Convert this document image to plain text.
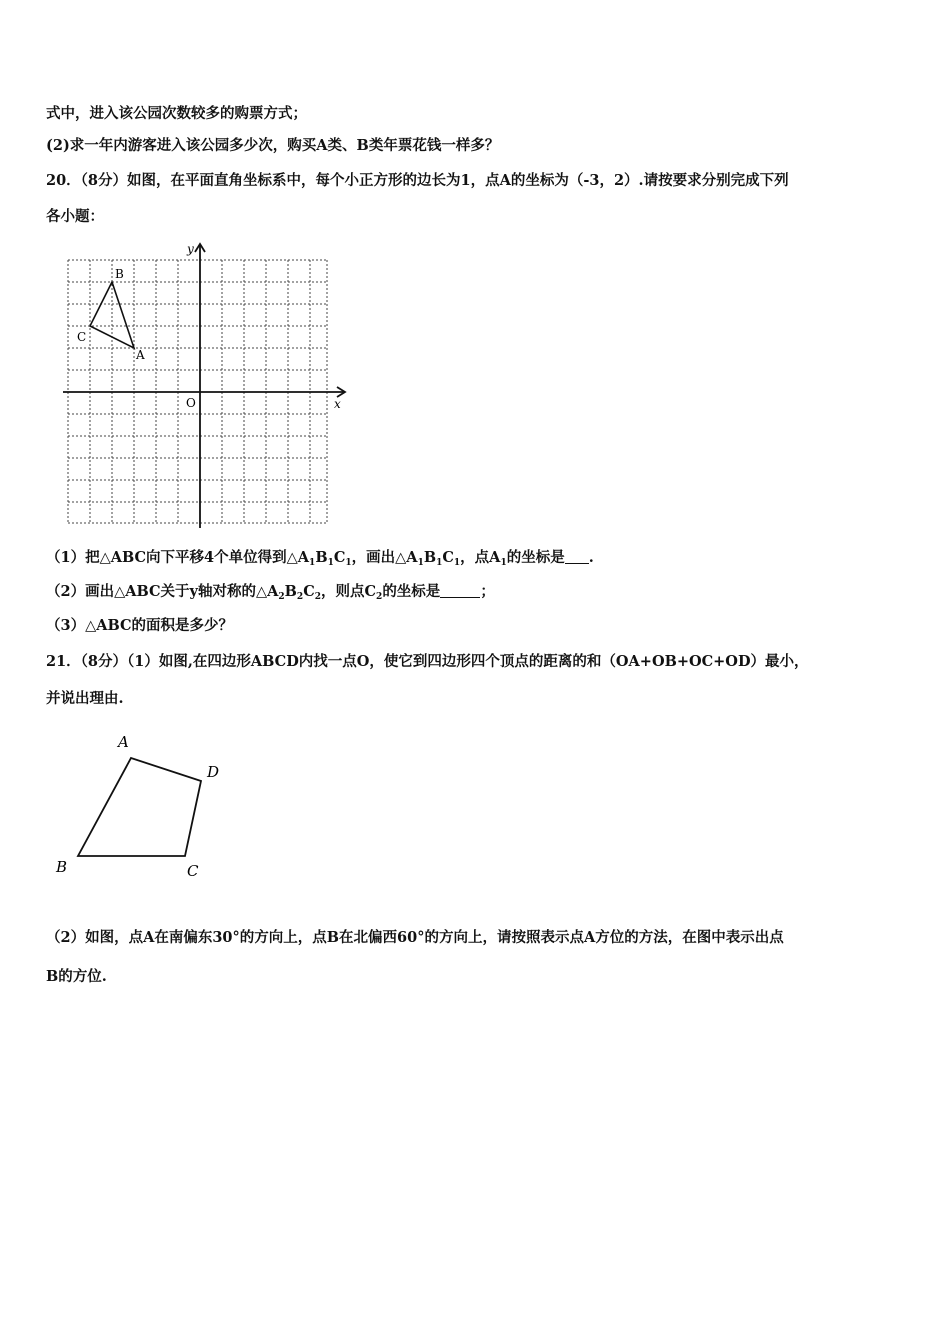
式中，进入该公园次数较多的购票方式；
(2)求一年内游客进入该公园多少次，购买A类、B类年票花钱一样多？
20．（8分）如图，在平面直角坐标系中，每个小正方形的边长为1，点A的坐标为（-3，2）.请按要求分别完成下列
各小题：
y
x
O
B
C
A
（1）把△ABC向下平移4个单位得到$\triangle A_1B_1C_1$，画出$\triangle A_1B_1C_1$，点$A_1$的坐标是 .
（2）画出△ABC关于y轴对称的$\triangle A_2B_2C_2$，则点$C_2$的坐标是	；
（3）△ABC的面积是多少？
21．（8分）（1）如图,在四边形ABCD内找一点O，使它到四边形四个顶点的距离的和（OA+OB+OC+OD）最小，
并说出理由.
A
D
B	C
（2）如图，点A在南偏东30°的方向上，点B在北偏西60°的方向上，请按照表示点A方位的方法，在图中表示出点
B的方位.
